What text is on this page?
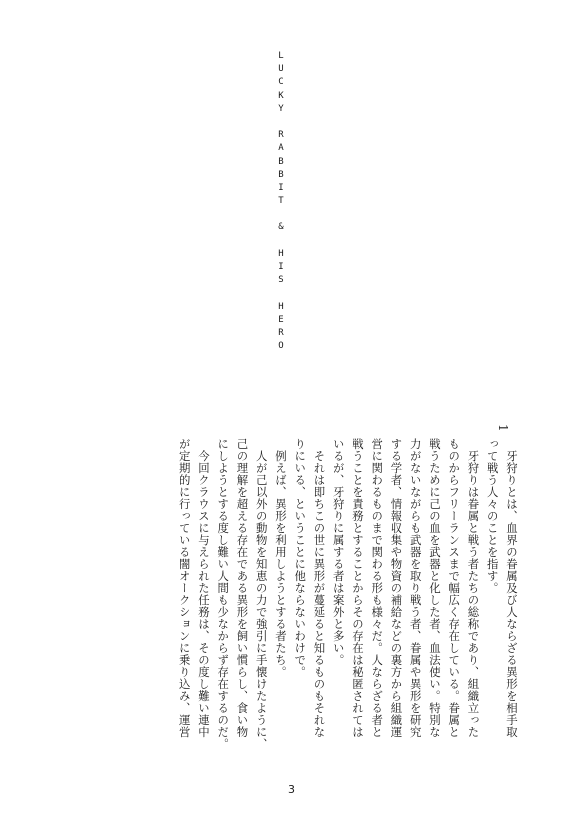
L
U
C
K
Y
R
A
B
B
I
T
&
H
I
S
H
E
R
O
1

　牙狩りとは、血界の眷属及び人ならざる異形を相手取

って戦う人々のことを指す。

　牙狩りは眷属と戦う者たちの総称であり、組織立った

ものからフリーランスまで幅広く存在している。眷属と

戦うために己の血を武器と化した者、血法使い。特別な

力がないながらも武器を取り戦う者、眷属や異形を研究

する学者、情報収集や物資の補給などの裏方から組織運

営に関わるものまで関わる形も様々だ。人ならざる者と

戦うことを責務とすることからその存在は秘匿されては

いるが、牙狩りに属する者は案外と多い。

　それは即ちこの世に異形が蔓延ると知るものもそれな

りにいる、ということに他ならないわけで。

　例えば、異形を利用しようとする者たち。

　人が己以外の動物を知恵の力で強引に手懐けたように、

己の理解を超える存在である異形を飼い慣らし、食い物

にしようとする度し難い人間も少なからず存在するのだ。

　今回クラウスに与えられた任務は、その度し難い連中

が定期的に行っている闇オークションに乗り込み、運営

3
